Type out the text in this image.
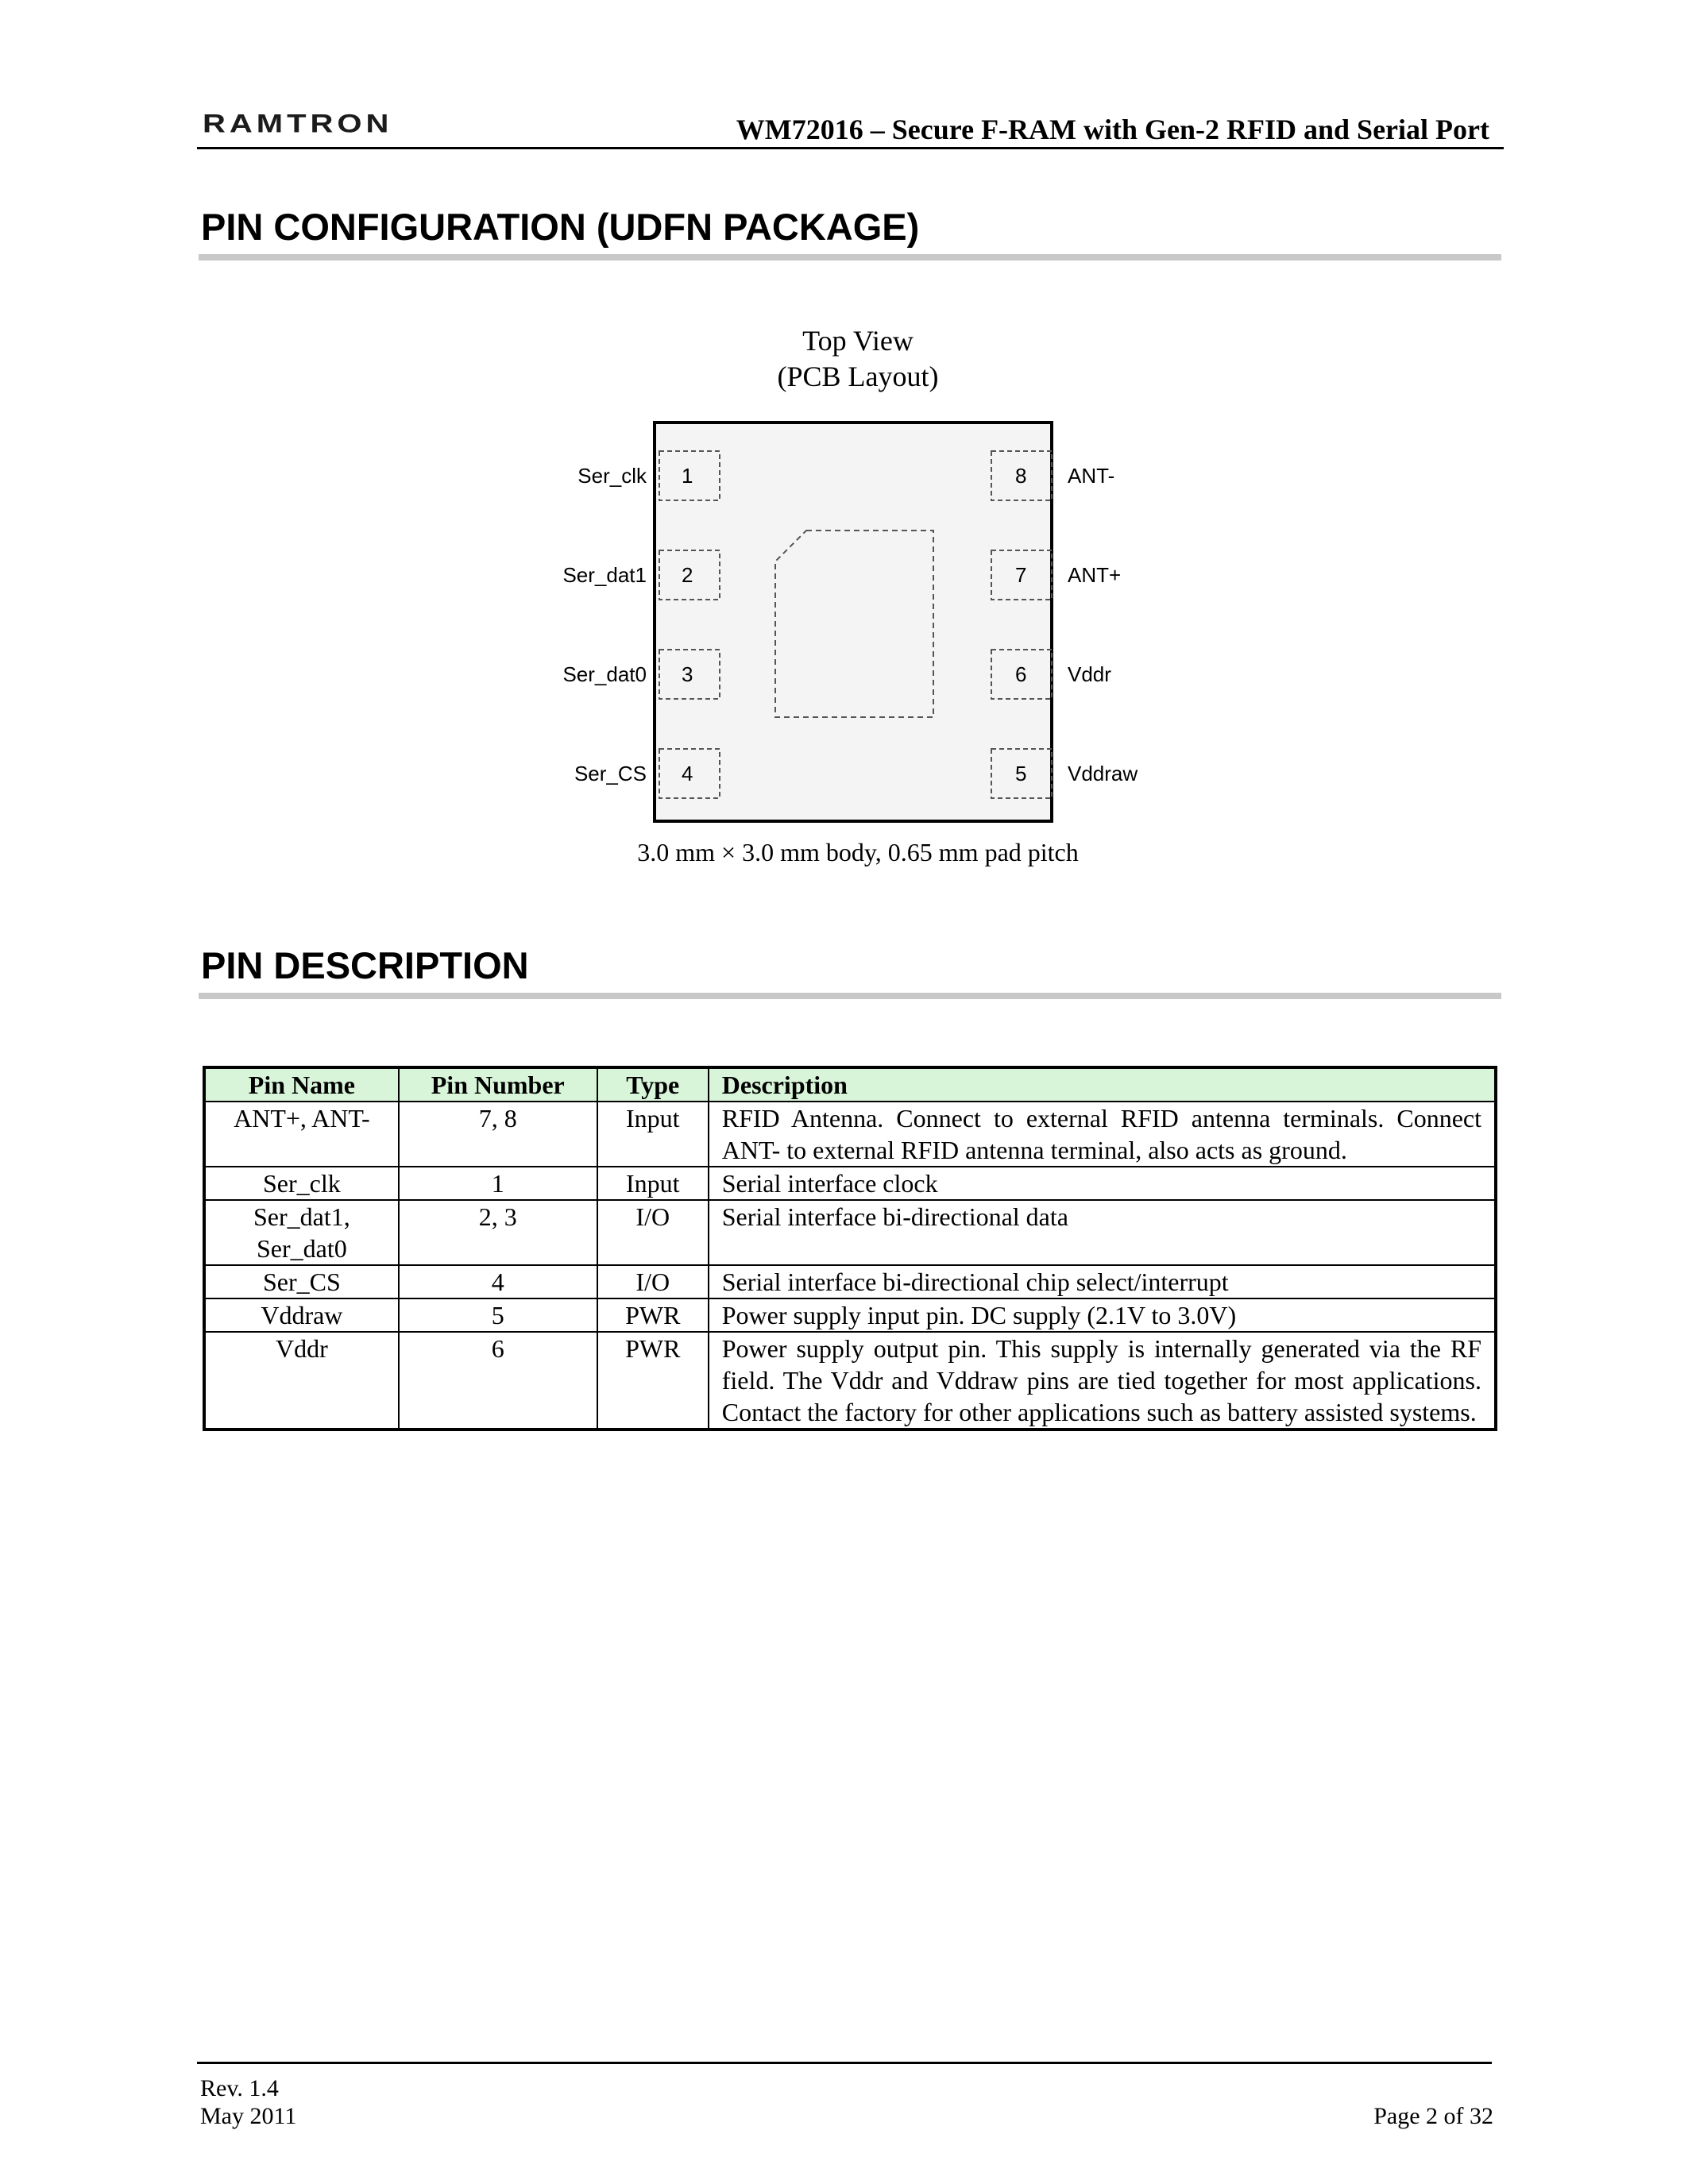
RAMTRON	WM72016 – Secure F-RAM with Gen-2 RFID and Serial Port
PIN CONFIGURATION (UDFN PACKAGE)
Top View
(PCB Layout)
1
Ser_clk
2
Ser_dat1
3
Ser_dat0
4
Ser_CS
8 ANT-
7 ANT+
6 Vddr
5 Vddraw
3.0 mm × 3.0 mm body, 0.65 mm pad pitch
PIN DESCRIPTION
Pin Name	Pin Number	Type	Description
ANT+, ANT-	7, 8	Input	RFID Antenna. Connect to external RFID antenna terminals. Connect ANT- to external RFID antenna terminal, also acts as ground.
Ser_clk	1	Input	Serial interface clock
Ser_dat1, Ser_dat0	2, 3	I/O	Serial interface bi-directional data
Ser_CS	4	I/O	Serial interface bi-directional chip select/interrupt
Vddraw	5	PWR	Power supply input pin. DC supply (2.1V to 3.0V)
Vddr	6	PWR	Power supply output pin. This supply is internally generated via the RF field. The Vddr and Vddraw pins are tied together for most applications. Contact the factory for other applications such as battery assisted systems.
Rev. 1.4
May 2011	Page 2 of 32
